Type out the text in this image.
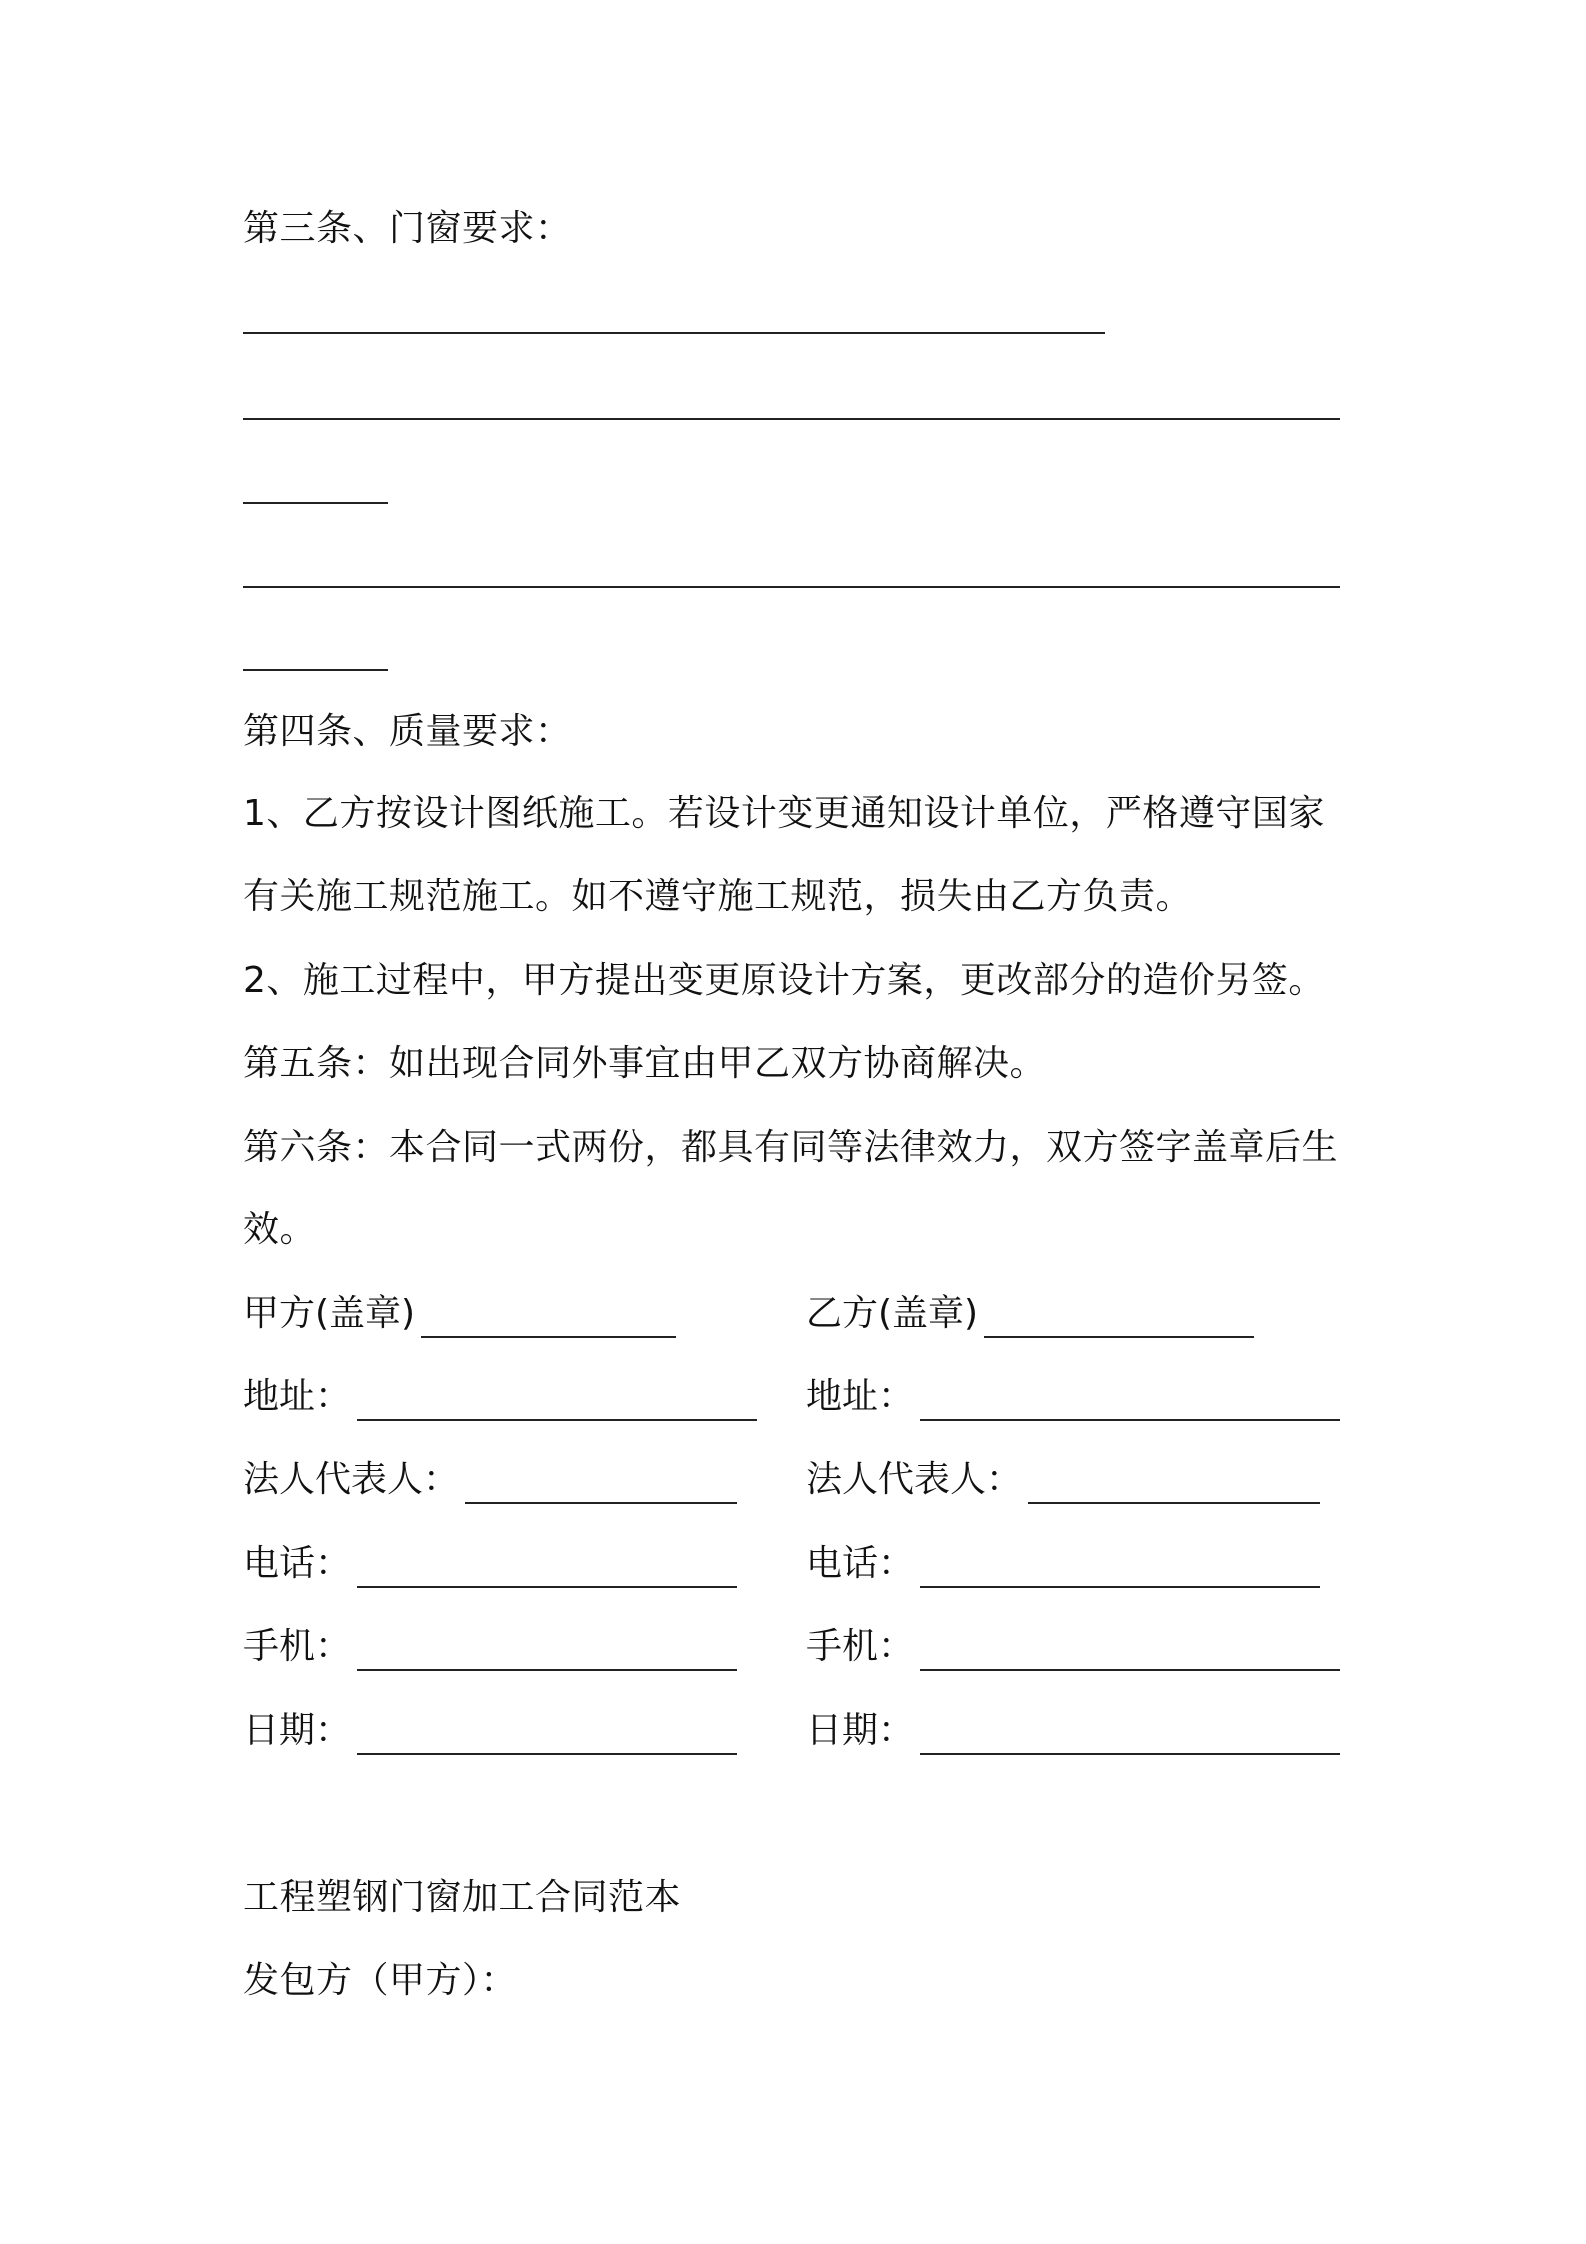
第三条、门窗要求：
第四条、质量要求：
1、乙方按设计图纸施工。若设计变更通知设计单位，严格遵守国家
有关施工规范施工。如不遵守施工规范，损失由乙方负责。
2、施工过程中，甲方提出变更原设计方案，更改部分的造价另签。
第五条：如出现合同外事宜由甲乙双方协商解决。
第六条：本合同一式两份，都具有同等法律效力，双方签字盖章后生
效。
甲方(盖章)
地址：
法人代表人：
电话：
手机：
日期：
乙方(盖章)
地址：
法人代表人：
电话：
手机：
日期：
工程塑钢门窗加工合同范本
发包方（甲方）：
